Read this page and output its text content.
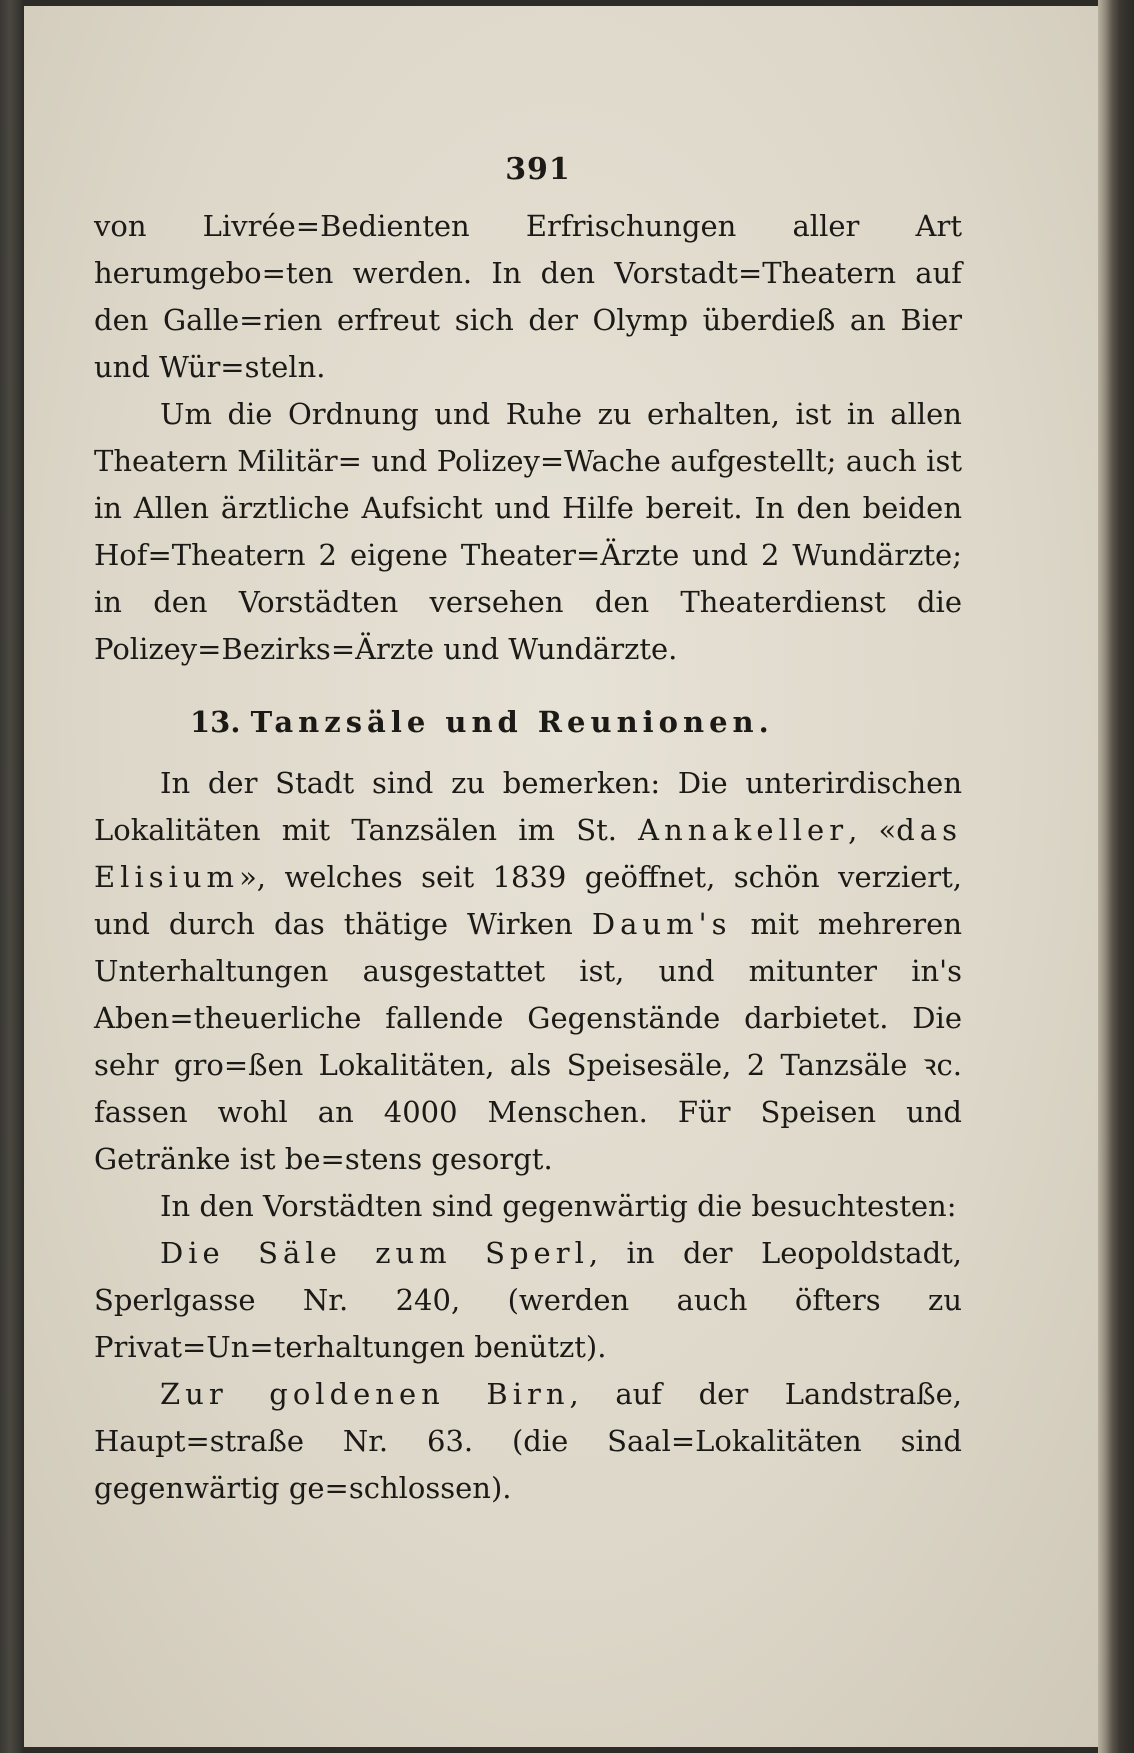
391

von Livrée=Bedienten Erfrischungen aller Art herumgebo=ten werden. In den Vorstadt=Theatern auf den Galle=rien erfreut sich der Olymp überdieß an Bier und Wür=steln.

Um die Ordnung und Ruhe zu erhalten, ist in allen Theatern Militär= und Polizey=Wache aufgestellt; auch ist in Allen ärztliche Aufsicht und Hilfe bereit. In den beiden Hof=Theatern 2 eigene Theater=Ärzte und 2 Wundärzte; in den Vorstädten versehen den Theaterdienst die Polizey=Bezirks=Ärzte und Wundärzte.

13. Tanzsäle und Reunionen.

In der Stadt sind zu bemerken: Die unterirdischen Lokalitäten mit Tanzsälen im St. Annakeller, «das Elisium», welches seit 1839 geöffnet, schön verziert, und durch das thätige Wirken Daum's mit mehreren Unterhaltungen ausgestattet ist, und mitunter in's Aben=theuerliche fallende Gegenstände darbietet. Die sehr gro=ßen Lokalitäten, als Speisesäle, 2 Tanzsäle ꝛc. fassen wohl an 4000 Menschen. Für Speisen und Getränke ist be=stens gesorgt.

In den Vorstädten sind gegenwärtig die besuchtesten:

Die Säle zum Sperl, in der Leopoldstadt, Sperlgasse Nr. 240, (werden auch öfters zu Privat=Un=terhaltungen benützt).

Zur goldenen Birn, auf der Landstraße, Haupt=straße Nr. 63. (die Saal=Lokalitäten sind gegenwärtig ge=schlossen).
